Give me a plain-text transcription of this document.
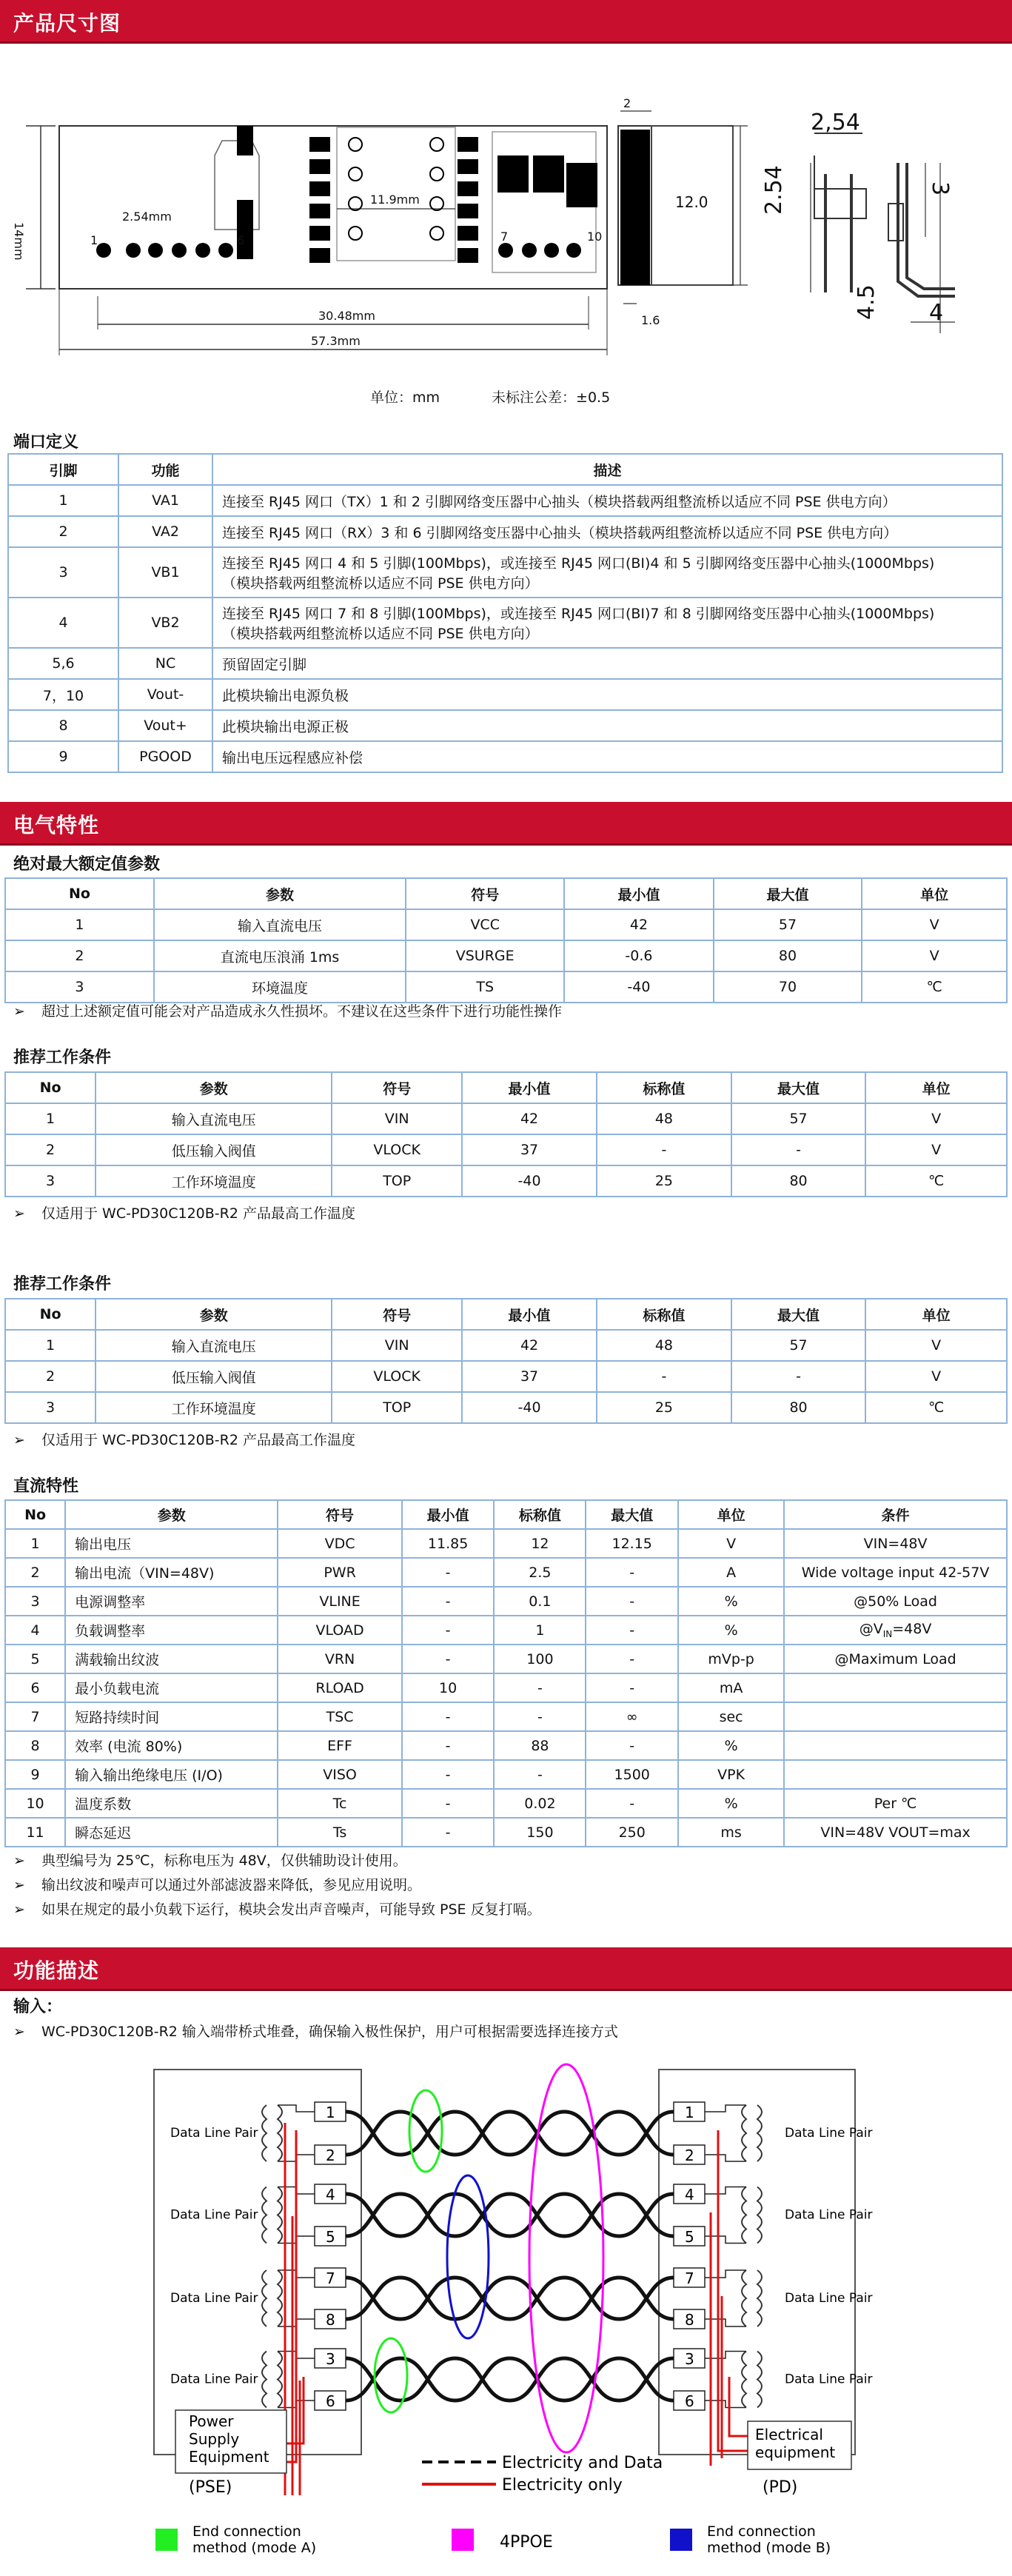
产品尺寸图
14mm
2.54mm
11.9mm
30.48mm
57.3mm
2
12.0
1.6
1	6	7	10
2,54
2.54	3
4.5 4
单位：mm	未标注公差：±0.5
端口定义
引脚	功能	描述
1	VA1	连接至 RJ45 网口（TX）1 和 2 引脚网络变压器中心抽头（模块搭载两组整流桥以适应不同 PSE 供电方向）
2	VA2	连接至 RJ45 网口（RX）3 和 6 引脚网络变压器中心抽头（模块搭载两组整流桥以适应不同 PSE 供电方向）
3	VB1	连接至 RJ45 网口 4 和 5 引脚(100Mbps)，或连接至 RJ45 网口(BI)4 和 5 引脚网络变压器中心抽头(1000Mbps)
（模块搭载两组整流桥以适应不同 PSE 供电方向）
4	VB2	连接至 RJ45 网口 7 和 8 引脚(100Mbps)，或连接至 RJ45 网口(BI)7 和 8 引脚网络变压器中心抽头(1000Mbps)
（模块搭载两组整流桥以适应不同 PSE 供电方向）
5,6	NC	预留固定引脚
7，10	Vout-	此模块输出电源负极
8	Vout+	此模块输出电源正极
9	PGOOD	输出电压远程感应补偿
电气特性
绝对最大额定值参数
No	参数	符号	最小值	最大值	单位
1	输入直流电压	VCC	42	57	V
2	直流电压浪涌 1ms	VSURGE	-0.6	80	V
3	环境温度	TS	-40	70	℃
➢ 超过上述额定值可能会对产品造成永久性损坏。不建议在这些条件下进行功能性操作
推荐工作条件
No	参数	符号	最小值	标称值	最大值	单位
1	输入直流电压	VIN	42	48	57	V
2	低压输入阀值	VLOCK	37	-	-	V
3	工作环境温度	TOP	-40	25	80	℃
➢ 仅适用于 WC-PD30C120B-R2 产品最高工作温度
推荐工作条件
No	参数	符号	最小值	标称值	最大值	单位
1	输入直流电压	VIN	42	48	57	V
2	低压输入阀值	VLOCK	37	-	-	V
3	工作环境温度	TOP	-40	25	80	℃
➢ 仅适用于 WC-PD30C120B-R2 产品最高工作温度
直流特性
No	参数	符号	最小值	标称值	最大值	单位	条件
1	输出电压	VDC	11.85	12	12.15	V	VIN=48V
2	输出电流（VIN=48V)	PWR	-	2.5	-	A	Wide voltage input 42-57V
3	电源调整率	VLINE	-	0.1	-	%	@50% Load
4	负载调整率	VLOAD	-	1	-	%	$@V_{IN}=48V$
5	满载输出纹波	VRN	-	100	-	mVp-p	@Maximum Load
6	最小负载电流	RLOAD	10	-	-	mA	
7	短路持续时间	TSC	-	-	∞	sec	
8	效率 (电流 80%)	EFF	-	88	-	%	
9	输入输出绝缘电压 (I/O)	VISO	-	-	1500	VPK	
10	温度系数	Tc	-	0.02	-	%	Per ℃
11	瞬态延迟	Ts	-	150	250	ms	VIN=48V VOUT=max
➢ 典型编号为 25℃，标称电压为 48V，仅供辅助设计使用。
➢ 输出纹波和噪声可以通过外部滤波器来降低，参见应用说明。
➢ 如果在规定的最小负载下运行，模块会发出声音噪声，可能导致 PSE 反复打嗝。
功能描述
输入：
➢ WC-PD30C120B-R2 输入端带桥式堆叠，确保输入极性保护，用户可根据需要选择连接方式
1	1
2	2
4	4
5	5
7	7
8	8
3	3
6	6
Data Line Pair	Data Line Pair
Data Line Pair	Data Line Pair
Data Line Pair	Data Line Pair
Data Line Pair	Data Line Pair
Power
Supply
Equipment
(PSE)
Electrical
equipment
(PD)
Electricity and Data
Electricity only
End connection
method (mode A)	4PPOE
End connection
method (mode B)
